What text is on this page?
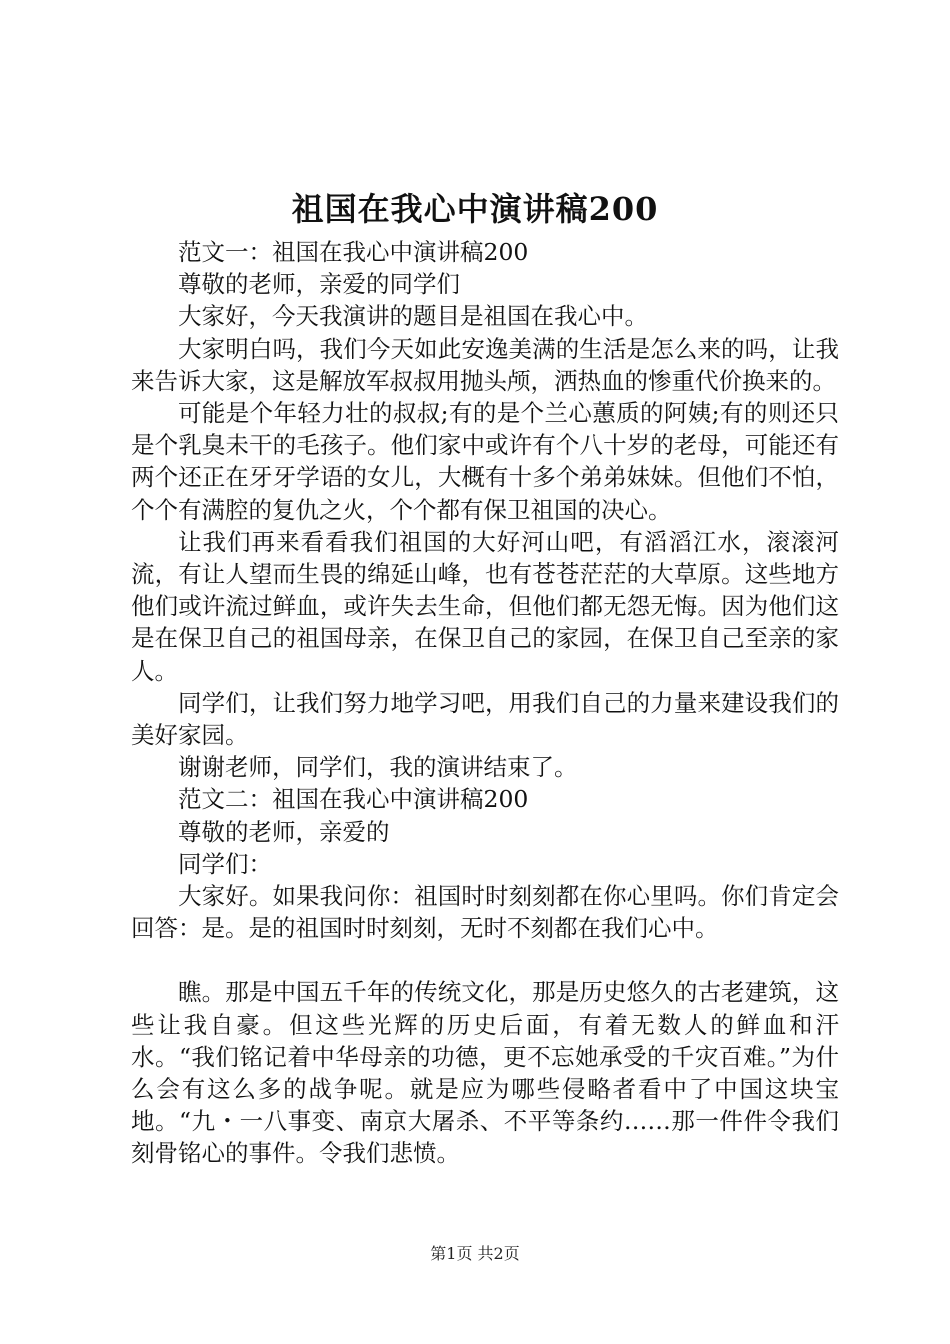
祖国在我心中演讲稿200

范文一：祖国在我心中演讲稿200

尊敬的老师，亲爱的同学们

大家好，今天我演讲的题目是祖国在我心中。

大家明白吗，我们今天如此安逸美满的生活是怎么来的吗，让我来告诉大家，这是解放军叔叔用抛头颅，洒热血的惨重代价换来的。

可能是个年轻力壮的叔叔;有的是个兰心蕙质的阿姨;有的则还只是个乳臭未干的毛孩子。他们家中或许有个八十岁的老母，可能还有两个还正在牙牙学语的女儿，大概有十多个弟弟妹妹。但他们不怕，个个有满腔的复仇之火，个个都有保卫祖国的决心。

让我们再来看看我们祖国的大好河山吧，有滔滔江水，滚滚河流，有让人望而生畏的绵延山峰，也有苍苍茫茫的大草原。这些地方他们或许流过鲜血，或许失去生命，但他们都无怨无悔。因为他们这是在保卫自己的祖国母亲，在保卫自己的家园，在保卫自己至亲的家人。

同学们，让我们努力地学习吧，用我们自己的力量来建设我们的美好家园。

谢谢老师，同学们，我的演讲结束了。

范文二：祖国在我心中演讲稿200

尊敬的老师，亲爱的

同学们：

大家好。如果我问你：祖国时时刻刻都在你心里吗。你们肯定会回答：是。是的祖国时时刻刻，无时不刻都在我们心中。

瞧。那是中国五千年的传统文化，那是历史悠久的古老建筑，这些让我自豪。但这些光辉的历史后面，有着无数人的鲜血和汗水。“我们铭记着中华母亲的功德，更不忘她承受的千灾百难。”为什么会有这么多的战争呢。就是应为哪些侵略者看中了中国这块宝地。“九・一八事变、南京大屠杀、不平等条约……那一件件令我们刻骨铭心的事件。令我们悲愤。

第1页 共2页
